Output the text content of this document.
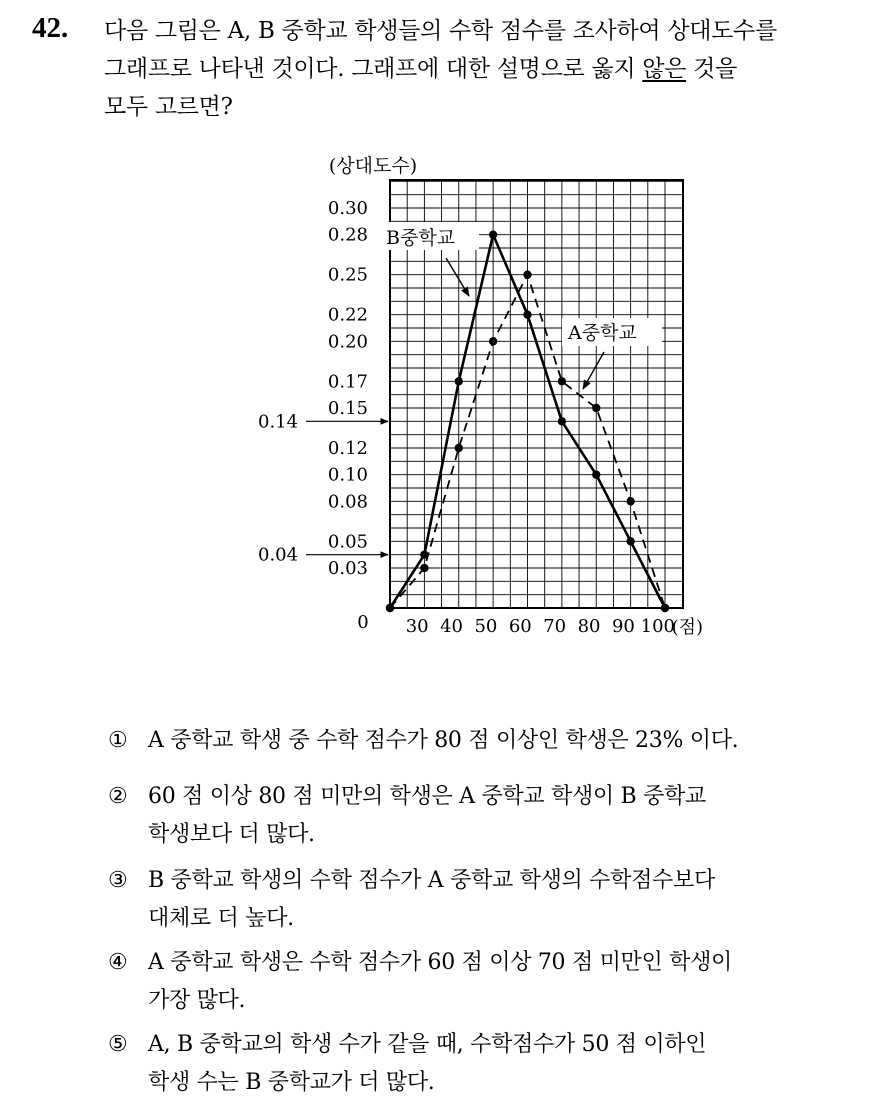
42. 다음 그림은 A, B 중학교 학생들의 수학 점수를 조사하여 상대도수를
그래프로 나타낸 것이다. 그래프에 대한 설명으로 옳지 않은 것을
모두 고르면?
0.03
0.05
0.08
0.10
0.12
0.15
0.17
0.20
0.22
0.25
0.28
0.30
30 40 50 60 70 80 90 100
0	(점)
(상대도수)
0.14
0.04
B중학교
A중학교
① A 중학교 학생 중 수학 점수가 80 점 이상인 학생은 23% 이다.
② 60 점 이상 80 점 미만의 학생은 A 중학교 학생이 B 중학교
학생보다 더 많다.
③ B 중학교 학생의 수학 점수가 A 중학교 학생의 수학점수보다
대체로 더 높다.
④ A 중학교 학생은 수학 점수가 60 점 이상 70 점 미만인 학생이
가장 많다.
⑤ A, B 중학교의 학생 수가 같을 때, 수학점수가 50 점 이하인
학생 수는 B 중학교가 더 많다.
